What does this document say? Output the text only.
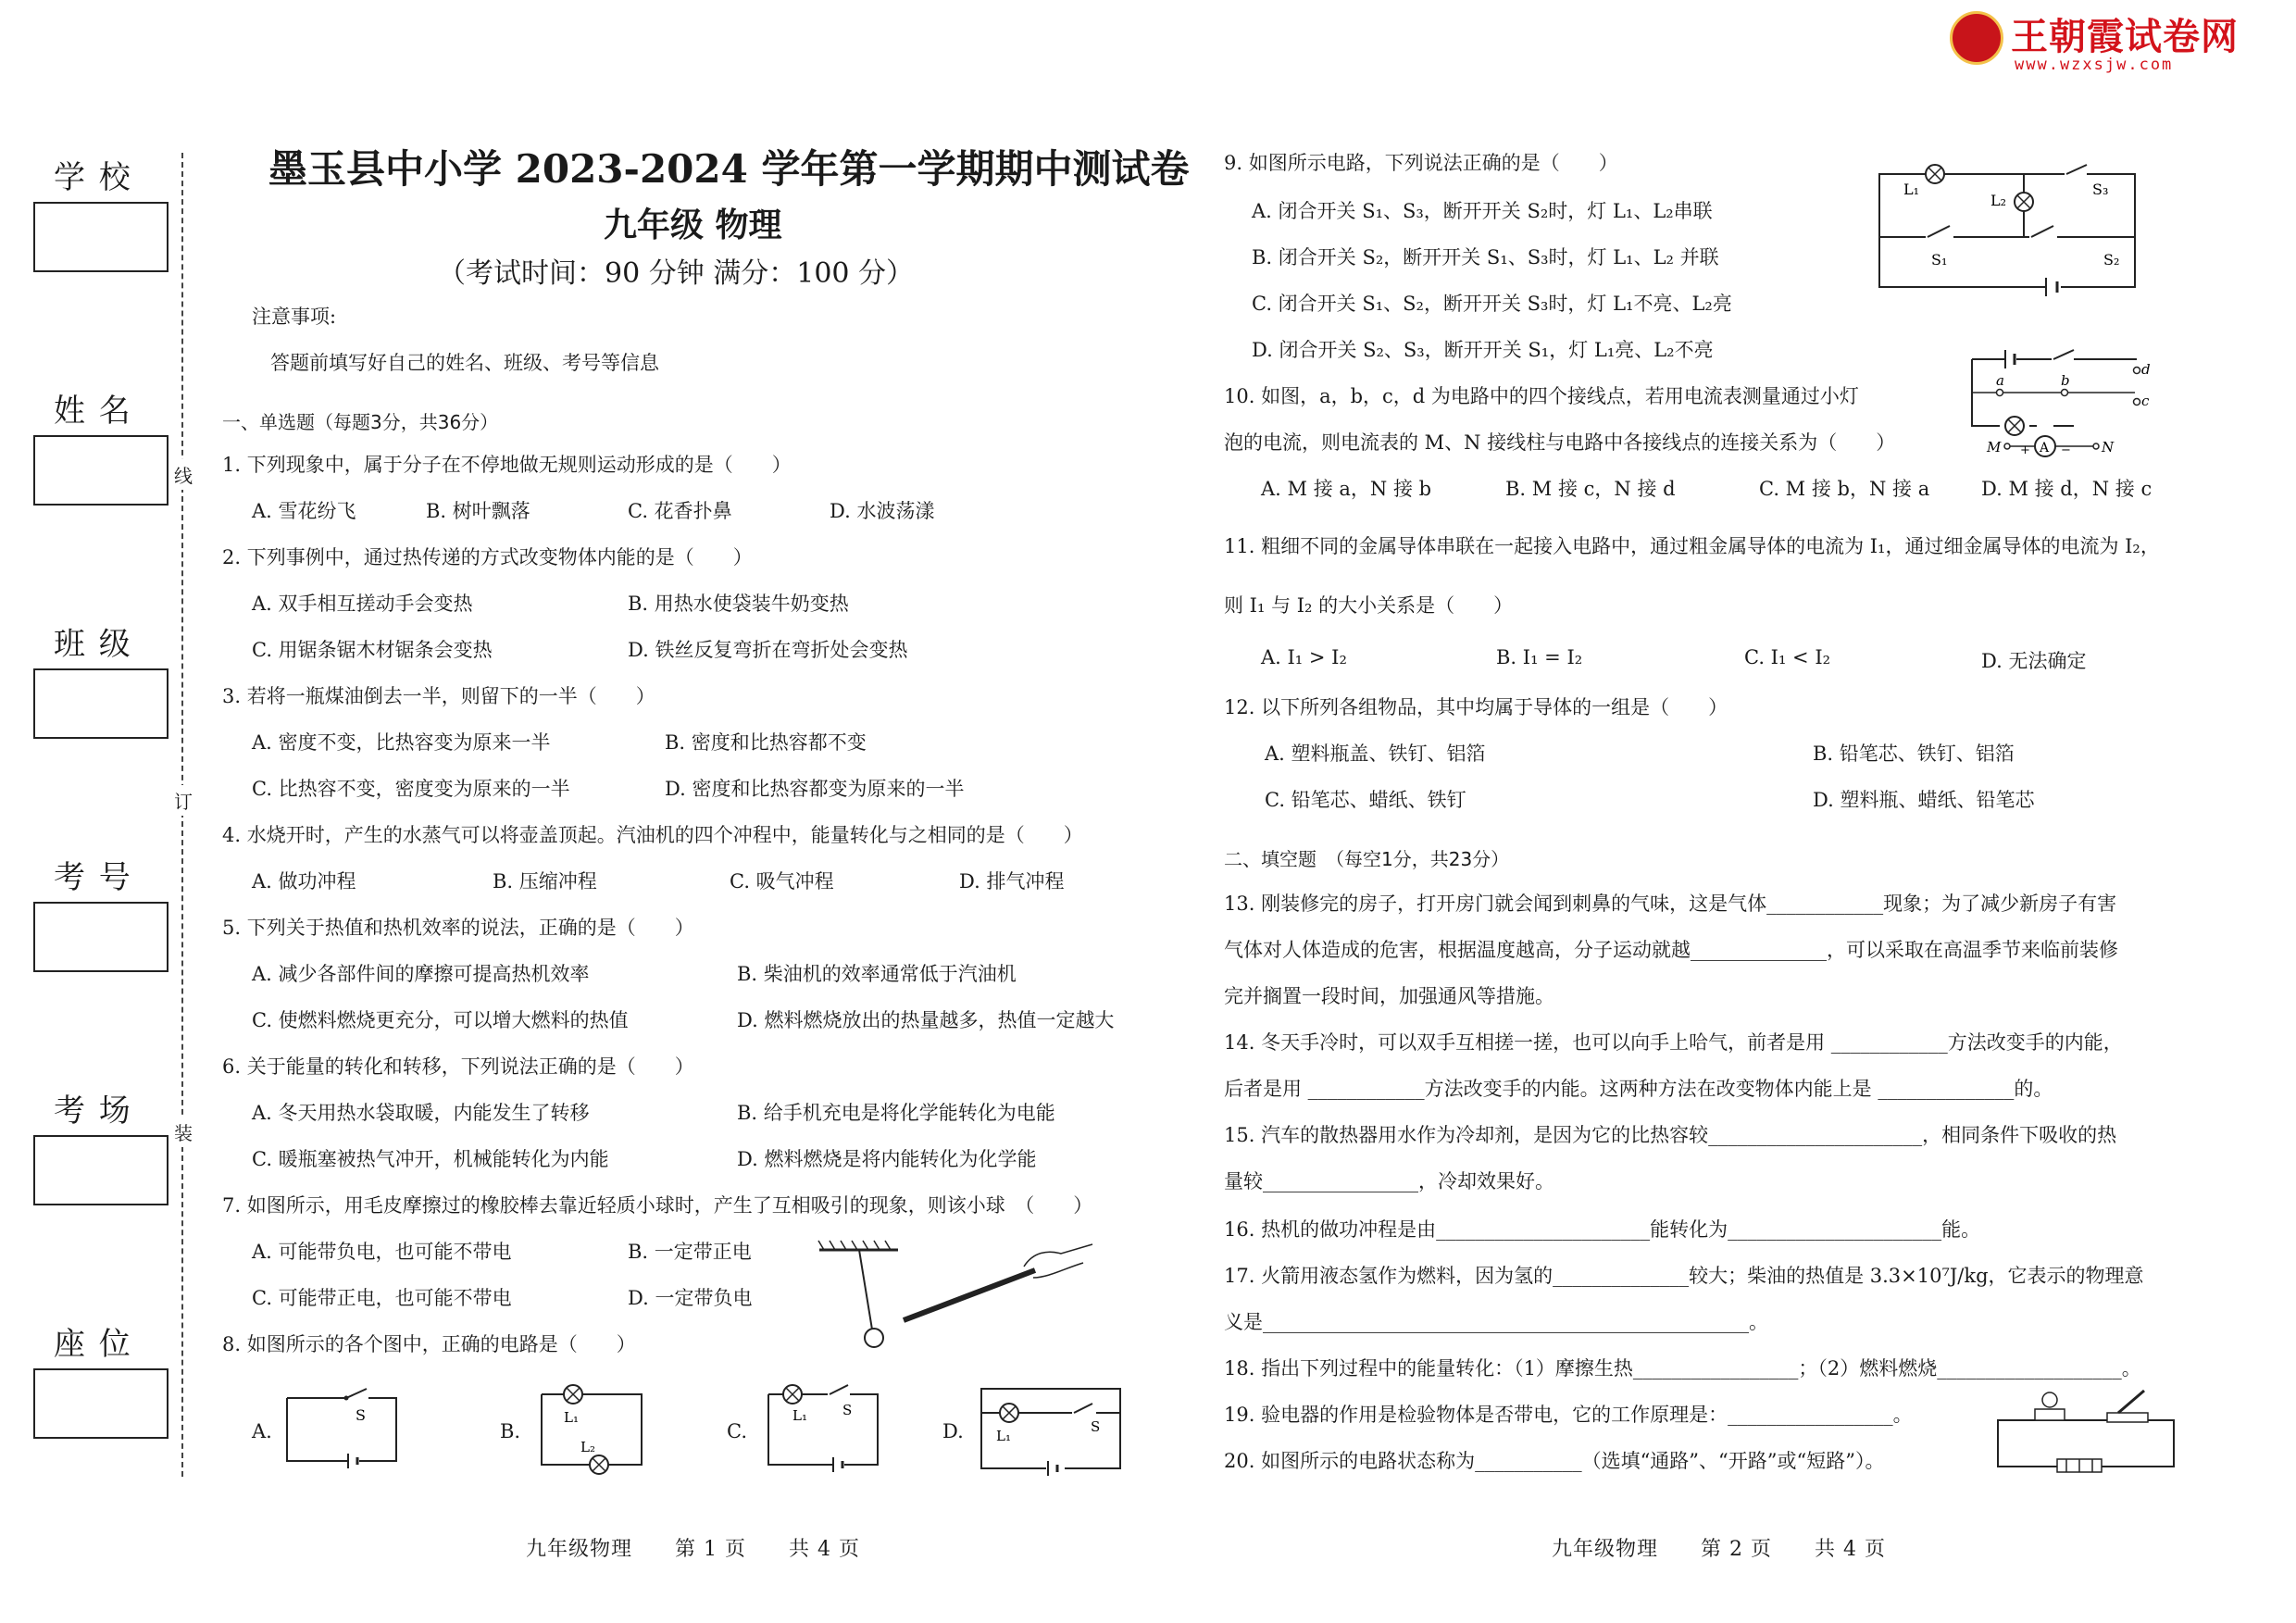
王朝霞试卷网
www.wzxsjw.com
学 校
姓 名
班 级
考 号
考 场
座 位
线
订
装
墨玉县中小学 2023-2024 学年第一学期期中测试卷
九年级 物理
（考试时间：90 分钟 满分：100 分）
注意事项:
答题前填写好自己的姓名、班级、考号等信息
一、单选题（每题3分，共36分）
1. 下列现象中，属于分子在不停地做无规则运动形成的是（　　）
A. 雪花纷飞	B. 树叶飘落	C. 花香扑鼻	D. 水波荡漾
2. 下列事例中，通过热传递的方式改变物体内能的是（　　）
A. 双手相互搓动手会变热	B. 用热水使袋装牛奶变热
C. 用锯条锯木材锯条会变热	D. 铁丝反复弯折在弯折处会变热
3. 若将一瓶煤油倒去一半，则留下的一半（　　）
A. 密度不变，比热容变为原来一半	B. 密度和比热容都不变
C. 比热容不变，密度变为原来的一半	D. 密度和比热容都变为原来的一半
4. 水烧开时，产生的水蒸气可以将壶盖顶起。汽油机的四个冲程中，能量转化与之相同的是（　　）
A. 做功冲程	B. 压缩冲程	C. 吸气冲程	D. 排气冲程
5. 下列关于热值和热机效率的说法，正确的是（　　）
A. 减少各部件间的摩擦可提高热机效率	B. 柴油机的效率通常低于汽油机
C. 使燃料燃烧更充分，可以增大燃料的热值	D. 燃料燃烧放出的热量越多，热值一定越大
6. 关于能量的转化和转移，下列说法正确的是（　　）
A. 冬天用热水袋取暖，内能发生了转移	B. 给手机充电是将化学能转化为电能
C. 暖瓶塞被热气冲开，机械能转化为内能	D. 燃料燃烧是将内能转化为化学能
7. 如图所示，用毛皮摩擦过的橡胶棒去靠近轻质小球时，产生了互相吸引的现象，则该小球　（　　）
A. 可能带负电，也可能不带电	B. 一定带正电
C. 可能带正电，也可能不带电	D. 一定带负电
8. 如图所示的各个图中，正确的电路是（　　）
A.
S
B.
L₁
L₂
C.
L₁	S
D. L₁
S
九年级物理　　第 1 页　　共 4 页	九年级物理　　第 2 页　　共 4 页
9. 如图所示电路，下列说法正确的是（　　）
A. 闭合开关 S₁、S₃，断开开关 S₂时，灯 L₁、L₂串联
B. 闭合开关 S₂，断开开关 S₁、S₃时，灯 L₁、L₂ 并联
C. 闭合开关 S₁、S₂，断开开关 S₃时，灯 L₁不亮、L₂亮
D. 闭合开关 S₂、S₃，断开开关 S₁，灯 L₁亮、L₂不亮
L₁
L₂
S₃
S₁	S₂
10. 如图，a，b，c，d 为电路中的四个接线点，若用电流表测量通过小灯
泡的电流，则电流表的 M、N 接线柱与电路中各接线点的连接关系为（　　）	A
M	N
+	−
a	b
c
d
A. M 接 a，N 接 b	B. M 接 c，N 接 d	C. M 接 b，N 接 a	D. M 接 d，N 接 c
11. 粗细不同的金属导体串联在一起接入电路中，通过粗金属导体的电流为 I₁，通过细金属导体的电流为 I₂，
则 I₁ 与 I₂ 的大小关系是（　　）
A. I₁ > I₂	B. I₁ = I₂	C. I₁ < I₂	D. 无法确定
12. 以下所列各组物品，其中均属于导体的一组是（　　）
A. 塑料瓶盖、铁钉、铝箔	B. 铅笔芯、铁钉、铝箔
C. 铅笔芯、蜡纸、铁钉	D. 塑料瓶、蜡纸、铅笔芯
二、填空题　（每空1分，共23分）
13. 刚装修完的房子，打开房门就会闻到刺鼻的气味，这是气体____________现象；为了减少新房子有害
气体对人体造成的危害，根据温度越高，分子运动就越______________，可以采取在高温季节来临前装修
完并搁置一段时间，加强通风等措施。
14. 冬天手冷时，可以双手互相搓一搓，也可以向手上哈气，前者是用 ____________方法改变手的内能，
后者是用 ____________方法改变手的内能。这两种方法在改变物体内能上是 ______________的。
15. 汽车的散热器用水作为冷却剂，是因为它的比热容较______________________，相同条件下吸收的热
量较________________，冷却效果好。
16. 热机的做功冲程是由______________________能转化为______________________能。
17. 火箭用液态氢作为燃料，因为氢的______________较大；柴油的热值是 3.3×10⁷J/kg，它表示的物理意
义是__________________________________________________。
18. 指出下列过程中的能量转化：（1）摩擦生热_________________；（2）燃料燃烧___________________。
19. 验电器的作用是检验物体是否带电，它的工作原理是：_________________。
20. 如图所示的电路状态称为___________（选填“通路”、“开路”或“短路”）。
